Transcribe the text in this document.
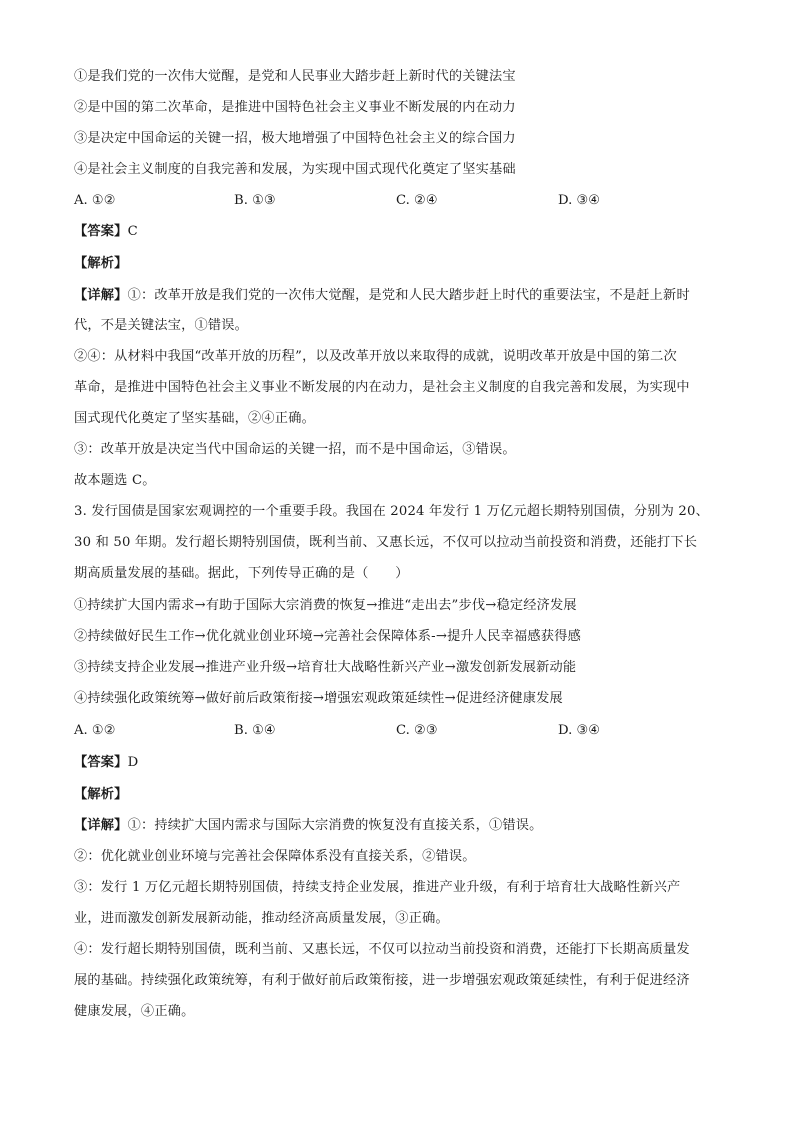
①是我们党的一次伟大觉醒，是党和人民事业大踏步赶上新时代的关键法宝
②是中国的第二次革命，是推进中国特色社会主义事业不断发展的内在动力
③是决定中国命运的关键一招，极大地增强了中国特色社会主义的综合国力
④是社会主义制度的自我完善和发展，为实现中国式现代化奠定了坚实基础
A. ①②	B. ①③	C. ②④	D. ③④
【答案】C
【解析】
【详解】①：改革开放是我们党的一次伟大觉醒，是党和人民大踏步赶上时代的重要法宝，不是赶上新时
代，不是关键法宝，①错误。
②④：从材料中我国“改革开放的历程”，以及改革开放以来取得的成就，说明改革开放是中国的第二次
革命，是推进中国特色社会主义事业不断发展的内在动力，是社会主义制度的自我完善和发展，为实现中
国式现代化奠定了坚实基础，②④正确。
③：改革开放是决定当代中国命运的关键一招，而不是中国命运，③错误。
故本题选 C。
3. 发行国债是国家宏观调控的一个重要手段。我国在 2024 年发行 1 万亿元超长期特别国债，分别为 20、
30 和 50 年期。发行超长期特别国债，既利当前、又惠长远，不仅可以拉动当前投资和消费，还能打下长
期高质量发展的基础。据此，下列传导正确的是（　　）
①持续扩大国内需求→有助于国际大宗消费的恢复→推进“走出去”步伐→稳定经济发展
②持续做好民生工作→优化就业创业环境→完善社会保障体系-→提升人民幸福感获得感
③持续支持企业发展→推进产业升级→培育壮大战略性新兴产业→激发创新发展新动能
④持续强化政策统筹→做好前后政策衔接→增强宏观政策延续性→促进经济健康发展
A. ①②	B. ①④	C. ②③	D. ③④
【答案】D
【解析】
【详解】①：持续扩大国内需求与国际大宗消费的恢复没有直接关系，①错误。
②：优化就业创业环境与完善社会保障体系没有直接关系，②错误。
③：发行 1 万亿元超长期特别国债，持续支持企业发展，推进产业升级，有利于培育壮大战略性新兴产
业，进而激发创新发展新动能，推动经济高质量发展，③正确。
④：发行超长期特别国债，既利当前、又惠长远，不仅可以拉动当前投资和消费，还能打下长期高质量发
展的基础。持续强化政策统筹，有利于做好前后政策衔接，进一步增强宏观政策延续性，有利于促进经济
健康发展，④正确。
